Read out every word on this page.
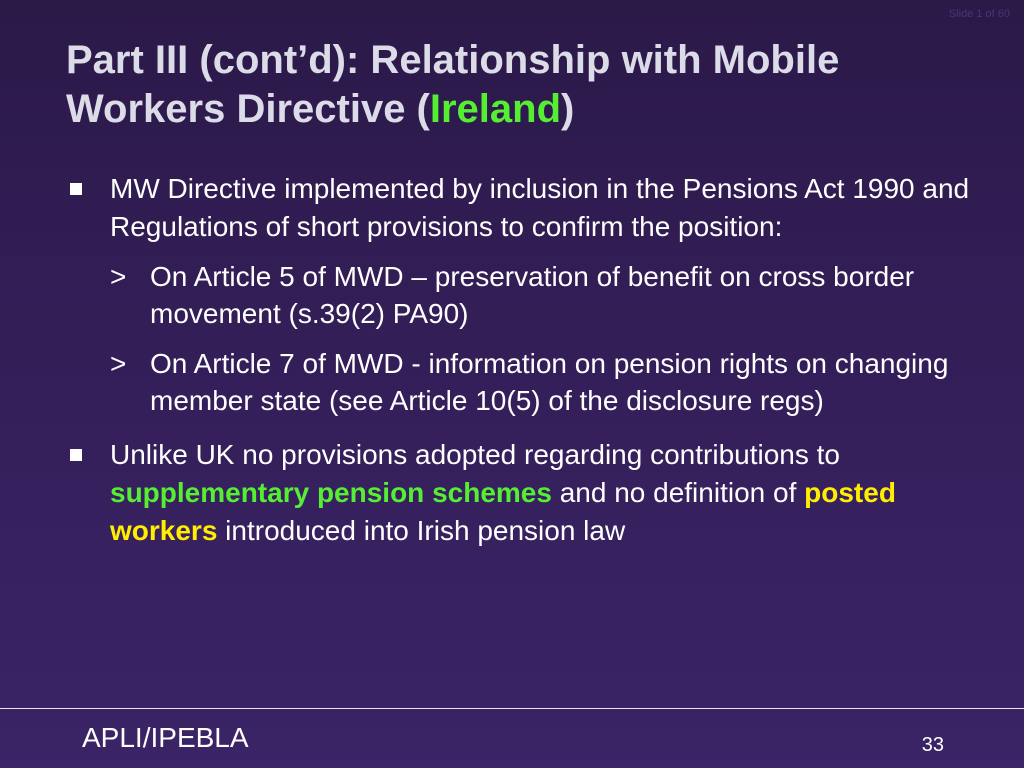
Slide 1 of 60
Part III (cont’d): Relationship with Mobile Workers Directive (Ireland)
MW Directive implemented by inclusion in the Pensions Act 1990 and Regulations of short provisions to confirm the position:
> On Article 5 of MWD – preservation of benefit on cross border movement (s.39(2) PA90)
> On Article 7 of MWD - information on pension rights on changing member state (see Article 10(5) of the disclosure regs)
Unlike UK no provisions adopted regarding contributions to supplementary pension schemes and no definition of posted workers introduced into Irish pension law
APLI/IPEBLA	33
